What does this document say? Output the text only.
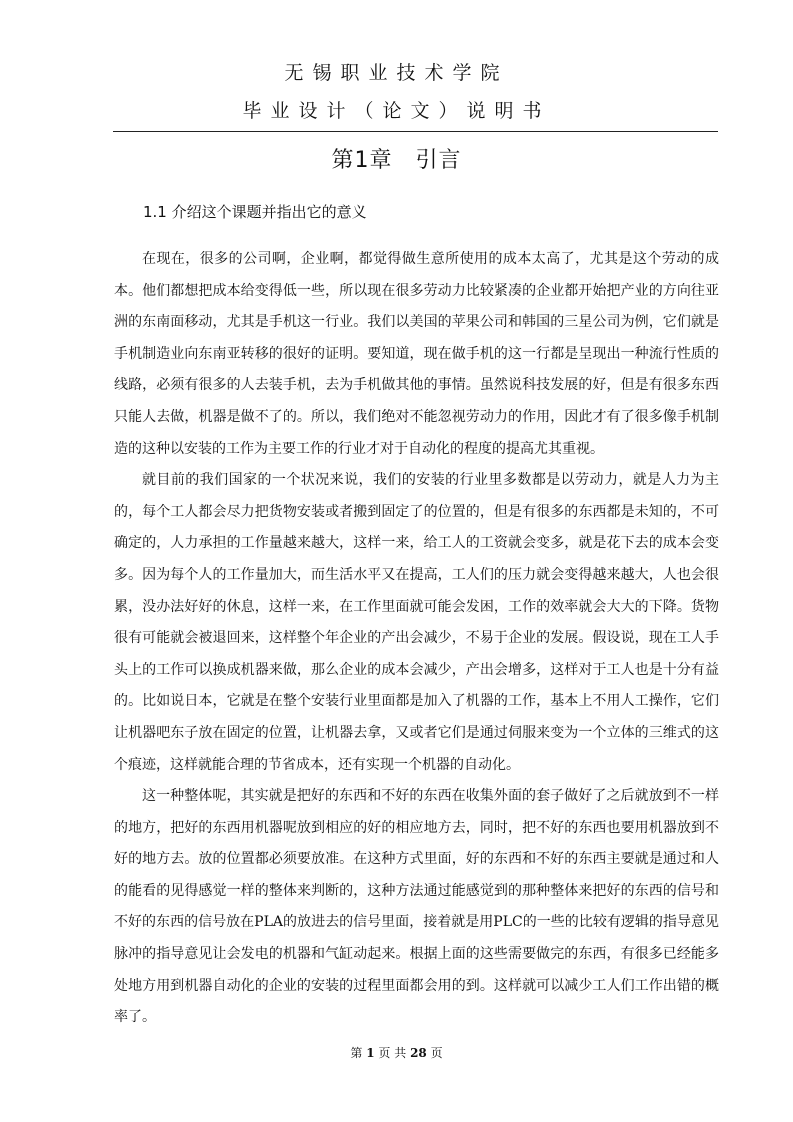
无锡职业技术学院
毕业设计（论文）说明书
第1章　引言
1.1 介绍这个课题并指出它的意义

在现在，很多的公司啊，企业啊，都觉得做生意所使用的成本太高了，尤其是这个劳动的成本。他们都想把成本给变得低一些，所以现在很多劳动力比较紧凑的企业都开始把产业的方向往亚洲的东南面移动，尤其是手机这一行业。我们以美国的苹果公司和韩国的三星公司为例，它们就是手机制造业向东南亚转移的很好的证明。要知道，现在做手机的这一行都是呈现出一种流行性质的线路，必须有很多的人去装手机，去为手机做其他的事情。虽然说科技发展的好，但是有很多东西只能人去做，机器是做不了的。所以，我们绝对不能忽视劳动力的作用，因此才有了很多像手机制造的这种以安装的工作为主要工作的行业才对于自动化的程度的提高尤其重视。

就目前的我们国家的一个状况来说，我们的安装的行业里多数都是以劳动力，就是人力为主的，每个工人都会尽力把货物安装或者搬到固定了的位置的，但是有很多的东西都是未知的，不可确定的，人力承担的工作量越来越大，这样一来，给工人的工资就会变多，就是花下去的成本会变多。因为每个人的工作量加大，而生活水平又在提高，工人们的压力就会变得越来越大，人也会很累，没办法好好的休息，这样一来，在工作里面就可能会发困，工作的效率就会大大的下降。货物很有可能就会被退回来，这样整个年企业的产出会减少，不易于企业的发展。假设说，现在工人手头上的工作可以换成机器来做，那么企业的成本会减少，产出会增多，这样对于工人也是十分有益的。比如说日本，它就是在整个安装行业里面都是加入了机器的工作，基本上不用人工操作，它们让机器吧东子放在固定的位置，让机器去拿，又或者它们是通过伺服来变为一个立体的三维式的这个痕迹，这样就能合理的节省成本，还有实现一个机器的自动化。

这一种整体呢，其实就是把好的东西和不好的东西在收集外面的套子做好了之后就放到不一样的地方，把好的东西用机器呢放到相应的好的相应地方去，同时，把不好的东西也要用机器放到不好的地方去。放的位置都必须要放准。在这种方式里面，好的东西和不好的东西主要就是通过和人的能看的见得感觉一样的整体来判断的，这种方法通过能感觉到的那种整体来把好的东西的信号和不好的东西的信号放在PLA的放进去的信号里面，接着就是用PLC的一些的比较有逻辑的指导意见脉冲的指导意见让会发电的机器和气缸动起来。根据上面的这些需要做完的东西，有很多已经能多处地方用到机器自动化的企业的安装的过程里面都会用的到。这样就可以减少工人们工作出错的概率了。

第 1 页 共 28 页
